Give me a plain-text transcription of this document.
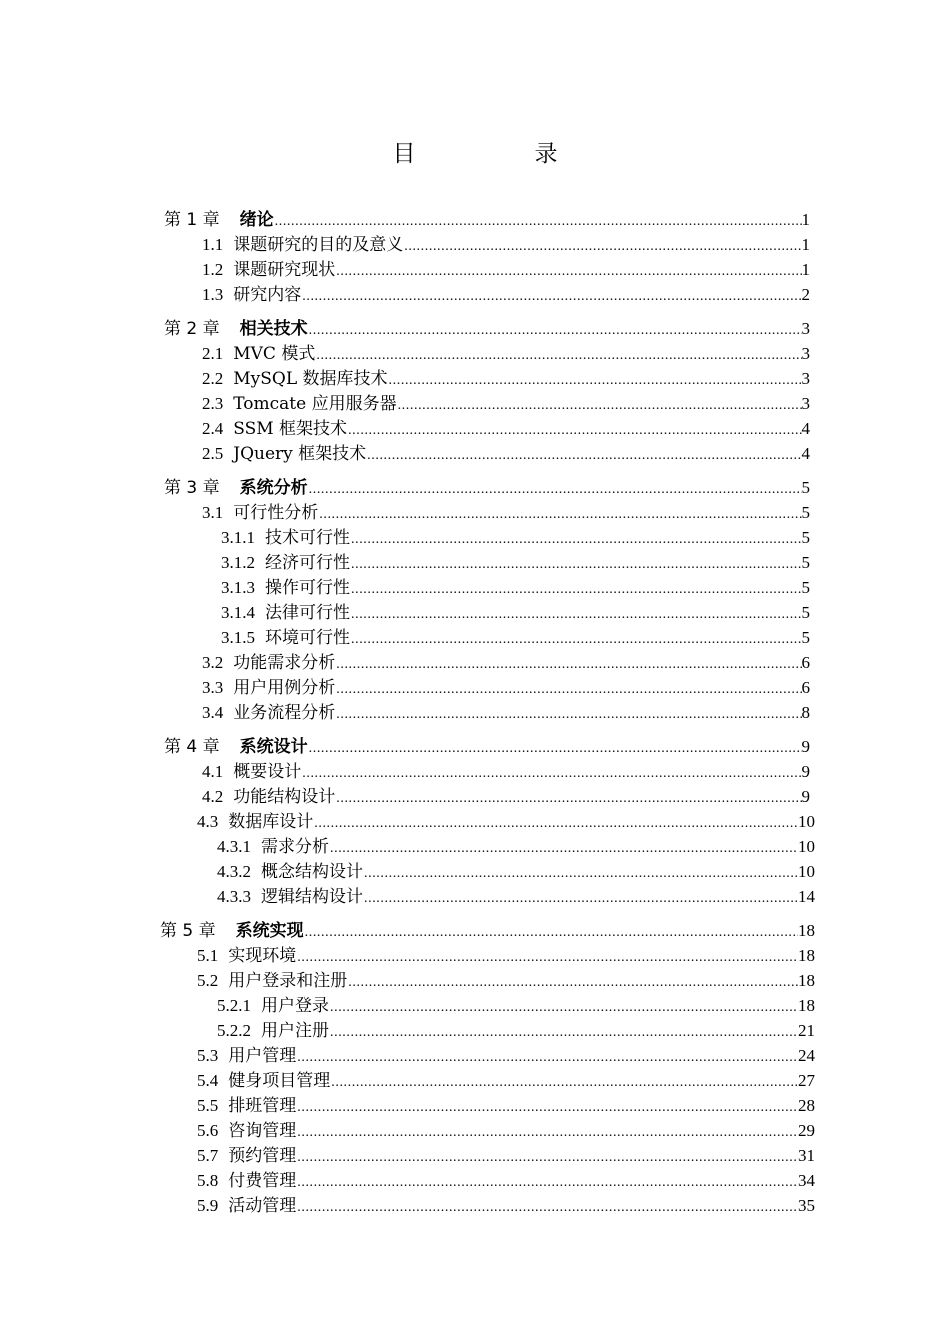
目　录
第 1 章 绪论 .....	1
1.1 课题研究的目的及意义 .....	1
1.2 课题研究现状 .....	1
1.3 研究内容 .....	2
第 2 章 相关技术 .....	3
2.1 MVC 模式 .....	3
2.2 MySQL 数据库技术 .....	3
2.3 Tomcate 应用服务器 .....	3
2.4 SSM 框架技术 .....	4
2.5 JQuery 框架技术 .....	4
第 3 章 系统分析 .....	5
3.1 可行性分析 .....	5
3.1.1 技术可行性 .....	5
3.1.2 经济可行性 .....	5
3.1.3 操作可行性 .....	5
3.1.4 法律可行性 .....	5
3.1.5 环境可行性 .....	5
3.2 功能需求分析 .....	6
3.3 用户用例分析 .....	6
3.4 业务流程分析 .....	8
第 4 章 系统设计 .....	9
4.1 概要设计 .....	9
4.2 功能结构设计 .....	9
4.3 数据库设计 .....	10
4.3.1 需求分析 .....	10
4.3.2 概念结构设计 .....	10
4.3.3 逻辑结构设计 .....	14
第 5 章 系统实现 .....	18
5.1 实现环境 .....	18
5.2 用户登录和注册 .....	18
5.2.1 用户登录 .....	18
5.2.2 用户注册 .....	21
5.3 用户管理 .....	24
5.4 健身项目管理 .....	27
5.5 排班管理 .....	28
5.6 咨询管理 .....	29
5.7 预约管理 .....	31
5.8 付费管理 .....	34
5.9 活动管理 .....	35
